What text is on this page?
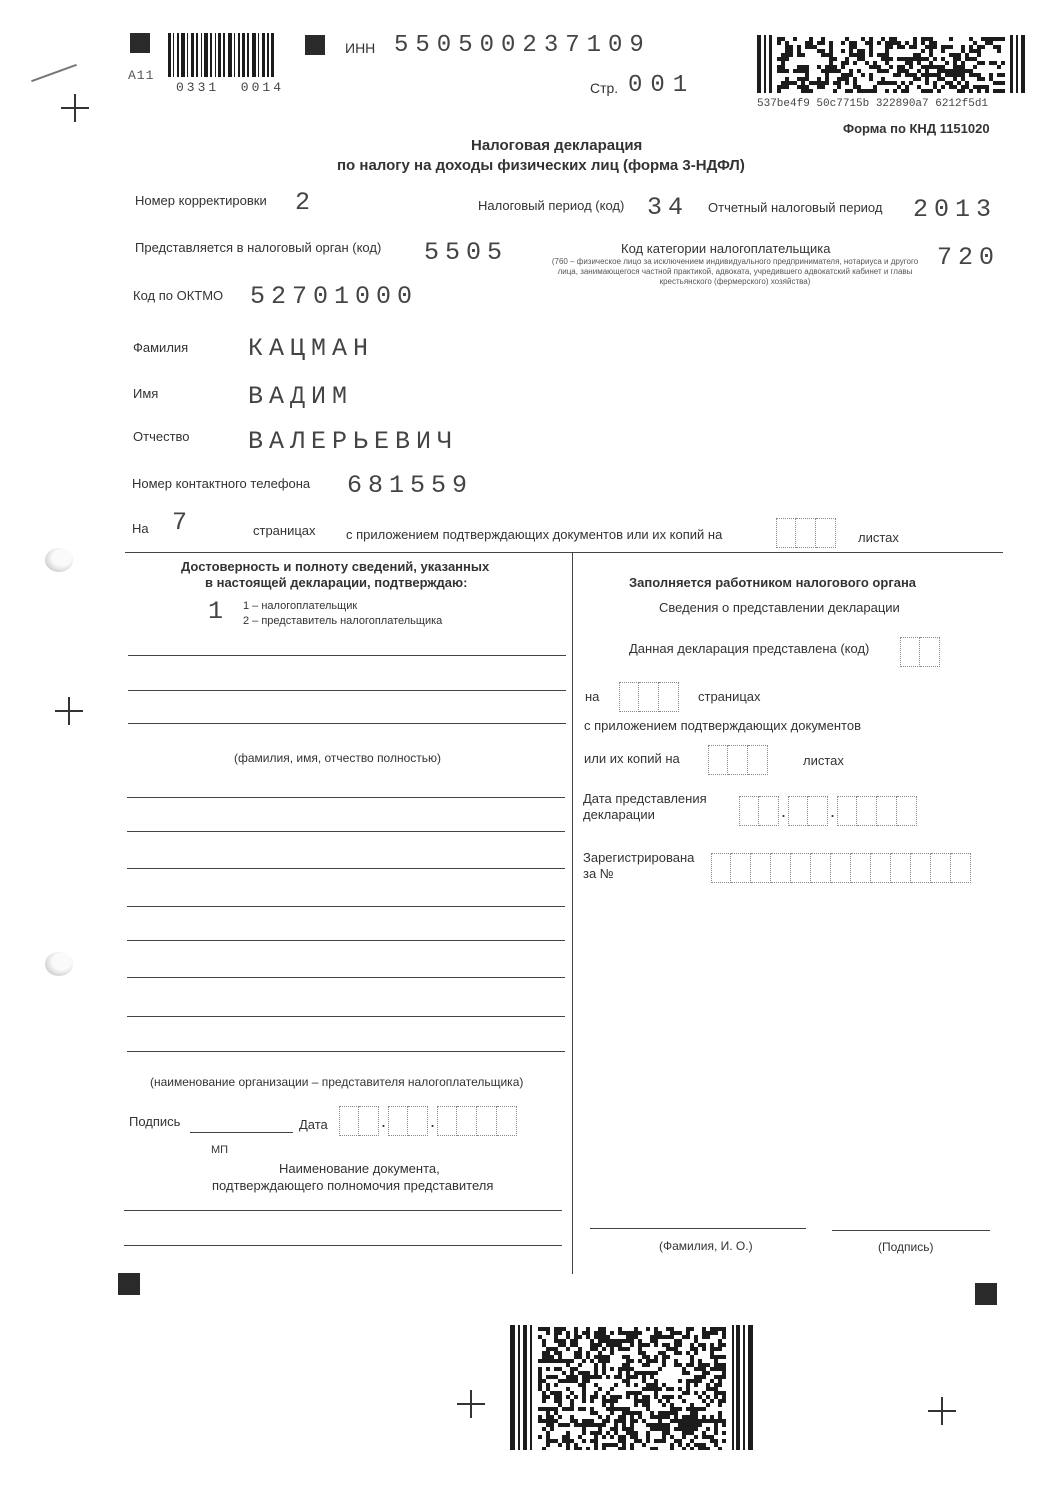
А11
0331  0014
ИНН 550500237109
Стр. 001
537be4f9 50c7715b 322890a7 6212f5d1
Форма по КНД 1151020
Налоговая декларация
по налогу на доходы физических лиц (форма 3-НДФЛ)
Номер корректировки 2	Налоговый период (код) 34 Отчетный налоговый период 2013
Представляется в налоговый орган (код) 5505	Код категории налогоплательщика
(760 – физическое лицо за исключением индивидуального предпринимателя, нотариуса и другого лица, занимающегося частной практикой, адвоката, учредившего адвокатский кабинет и главы крестьянского (фермерского) хозяйства)
720
Код по ОКТМО 52701000
Фамилия КАЦМАН
Имя	ВАДИМ
Отчество ВАЛЕРЬЕВИЧ
Номер контактного телефона 681559
На 7	страницах с приложением подтверждающих документов или их копий на	листах
Достоверность и полноту сведений, указанных
в настоящей декларации, подтверждаю:
1 1 – налогоплательщик
2 – представитель налогоплательщика
(фамилия, имя, отчество полностью)
(наименование организации – представителя налогоплательщика)
Подпись	Дата	. .
МП
Наименование документа,
подтверждающего полномочия представителя
Заполняется работником налогового органа
Сведения о представлении декларации
Данная декларация представлена (код)
на	страницах
с приложением подтверждающих документов
или их копий на	листах
Дата представления
декларации	. .
Зарегистрирована
за №
(Фамилия, И. О.)	(Подпись)
